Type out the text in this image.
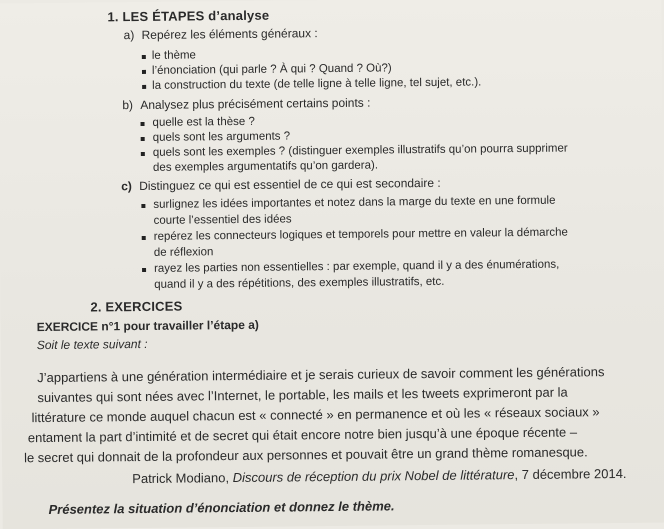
1. LES ÉTAPES d’analyse
a) Repérez les éléments généraux :
le thème
l’énonciation (qui parle ? À qui ? Quand ? Où?)
la construction du texte (de telle ligne à telle ligne, tel sujet, etc.).
b) Analysez plus précisément certains points :
quelle est la thèse ?
quels sont les arguments ?
quels sont les exemples ? (distinguer exemples illustratifs qu’on pourra supprimer
des exemples argumentatifs qu’on gardera).
c) Distinguez ce qui est essentiel de ce qui est secondaire :
surlignez les idées importantes et notez dans la marge du texte en une formule
courte l’essentiel des idées
repérez les connecteurs logiques et temporels pour mettre en valeur la démarche
de réflexion
rayez les parties non essentielles : par exemple, quand il y a des énumérations,
quand il y a des répétitions, des exemples illustratifs, etc.
2. EXERCICES
EXERCICE n°1 pour travailler l’étape a)
Soit le texte suivant :
J’appartiens à une génération intermédiaire et je serais curieux de savoir comment les générations
suivantes qui sont nées avec l’Internet, le portable, les mails et les tweets exprimeront par la
littérature ce monde auquel chacun est « connecté » en permanence et où les « réseaux sociaux »
entament la part d’intimité et de secret qui était encore notre bien jusqu’à une époque récente –
le secret qui donnait de la profondeur aux personnes et pouvait être un grand thème romanesque.
Patrick Modiano, Discours de réception du prix Nobel de littérature, 7 décembre 2014.
Présentez la situation d’énonciation et donnez le thème.
